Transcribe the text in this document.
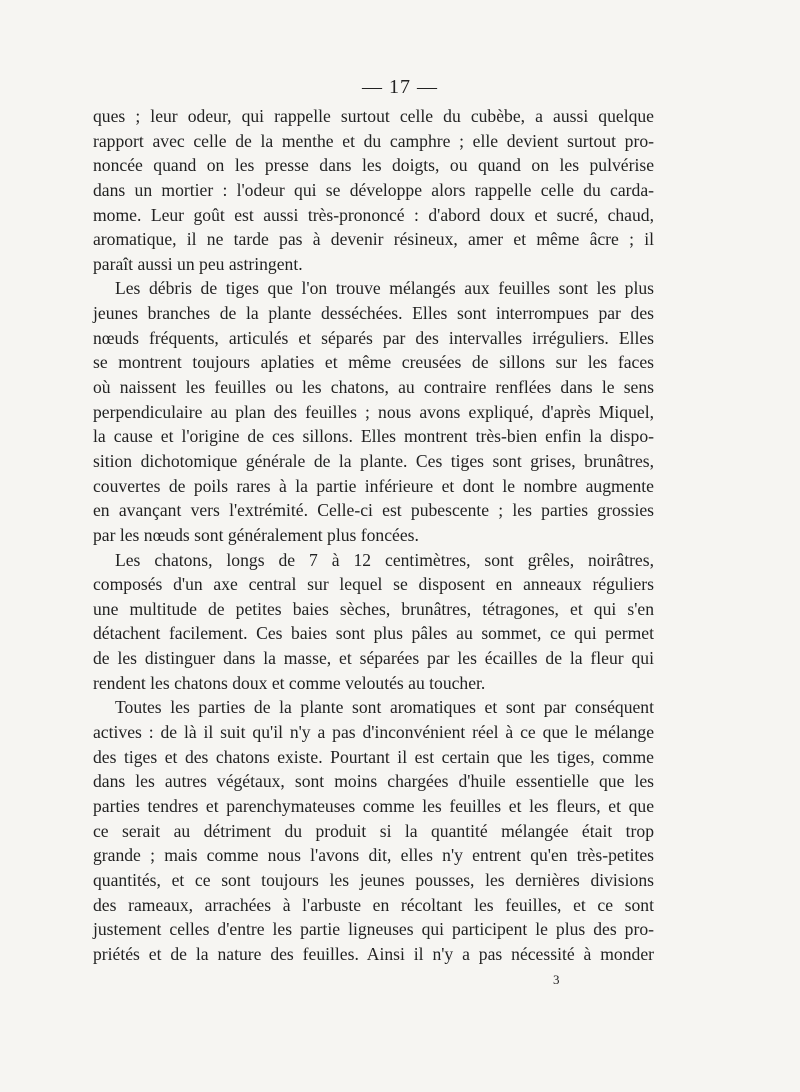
— 17 —
ques ; leur odeur, qui rappelle surtout celle du cubèbe, a aussi quelque
rapport avec celle de la menthe et du camphre ; elle devient surtout pro-
noncée quand on les presse dans les doigts, ou quand on les pulvérise
dans un mortier : l'odeur qui se développe alors rappelle celle du carda-
mome. Leur goût est aussi très-prononcé : d'abord doux et sucré, chaud,
aromatique, il ne tarde pas à devenir résineux, amer et même âcre ; il
paraît aussi un peu astringent.
Les débris de tiges que l'on trouve mélangés aux feuilles sont les plus
jeunes branches de la plante desséchées. Elles sont interrompues par des
nœuds fréquents, articulés et séparés par des intervalles irréguliers. Elles
se montrent toujours aplaties et même creusées de sillons sur les faces
où naissent les feuilles ou les chatons, au contraire renflées dans le sens
perpendiculaire au plan des feuilles ; nous avons expliqué, d'après Miquel,
la cause et l'origine de ces sillons. Elles montrent très-bien enfin la dispo-
sition dichotomique générale de la plante. Ces tiges sont grises, brunâtres,
couvertes de poils rares à la partie inférieure et dont le nombre augmente
en avançant vers l'extrémité. Celle-ci est pubescente ; les parties grossies
par les nœuds sont généralement plus foncées.
Les chatons, longs de 7 à 12 centimètres, sont grêles, noirâtres,
composés d'un axe central sur lequel se disposent en anneaux réguliers
une multitude de petites baies sèches, brunâtres, tétragones, et qui s'en
détachent facilement. Ces baies sont plus pâles au sommet, ce qui permet
de les distinguer dans la masse, et séparées par les écailles de la fleur qui
rendent les chatons doux et comme veloutés au toucher.
Toutes les parties de la plante sont aromatiques et sont par conséquent
actives : de là il suit qu'il n'y a pas d'inconvénient réel à ce que le mélange
des tiges et des chatons existe. Pourtant il est certain que les tiges, comme
dans les autres végétaux, sont moins chargées d'huile essentielle que les
parties tendres et parenchymateuses comme les feuilles et les fleurs, et que
ce serait au détriment du produit si la quantité mélangée était trop
grande ; mais comme nous l'avons dit, elles n'y entrent qu'en très-petites
quantités, et ce sont toujours les jeunes pousses, les dernières divisions
des rameaux, arrachées à l'arbuste en récoltant les feuilles, et ce sont
justement celles d'entre les partie ligneuses qui participent le plus des pro-
priétés et de la nature des feuilles. Ainsi il n'y a pas nécessité à monder
3
